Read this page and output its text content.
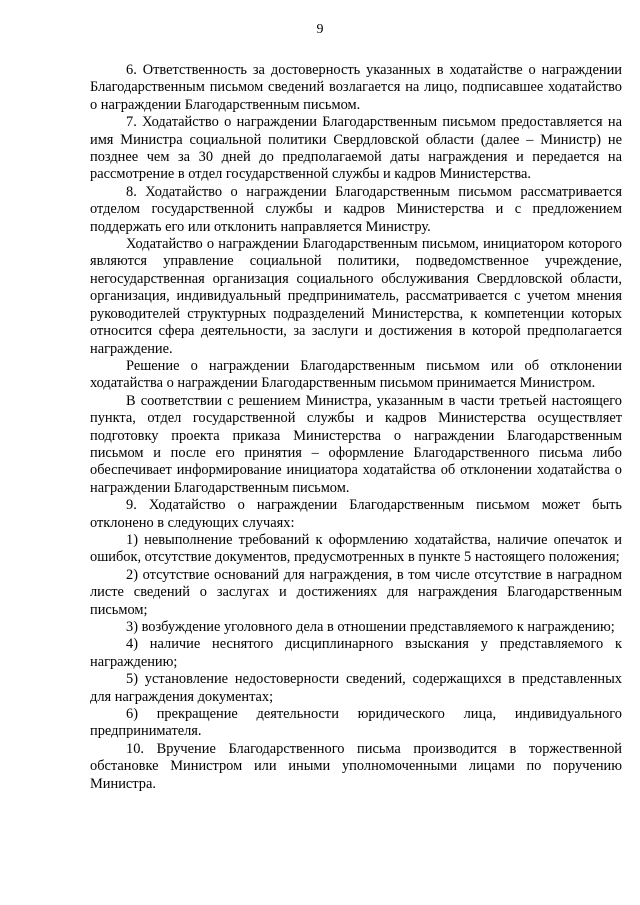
9

6. Ответственность за достоверность указанных в ходатайстве о награждении Благодарственным письмом сведений возлагается на лицо, подписавшее ходатайство о награждении Благодарственным письмом.

7. Ходатайство о награждении Благодарственным письмом предоставляется на имя Министра социальной политики Свердловской области (далее – Министр) не позднее чем за 30 дней до предполагаемой даты награждения и передается на рассмотрение в отдел государственной службы и кадров Министерства.

8. Ходатайство о награждении Благодарственным письмом рассматривается отделом государственной службы и кадров Министерства и с предложением поддержать его или отклонить направляется Министру.

Ходатайство о награждении Благодарственным письмом, инициатором которого являются управление социальной политики, подведомственное учреждение, негосударственная организация социального обслуживания Свердловской области, организация, индивидуальный предприниматель, рассматривается с учетом мнения руководителей структурных подразделений Министерства, к компетенции которых относится сфера деятельности, за заслуги и достижения в которой предполагается награждение.

Решение о награждении Благодарственным письмом или об отклонении ходатайства о награждении Благодарственным письмом принимается Министром.

В соответствии с решением Министра, указанным в части третьей настоящего пункта, отдел государственной службы и кадров Министерства осуществляет подготовку проекта приказа Министерства о награждении Благодарственным письмом и после его принятия – оформление Благодарственного письма либо обеспечивает информирование инициатора ходатайства об отклонении ходатайства о награждении Благодарственным письмом.

9. Ходатайство о награждении Благодарственным письмом может быть отклонено в следующих случаях:

1) невыполнение требований к оформлению ходатайства, наличие опечаток и ошибок, отсутствие документов, предусмотренных в пункте 5 настоящего положения;

2) отсутствие оснований для награждения, в том числе отсутствие в наградном листе сведений о заслугах и достижениях для награждения Благодарственным письмом;

3) возбуждение уголовного дела в отношении представляемого к награждению;

4) наличие неснятого дисциплинарного взыскания у представляемого к награждению;

5) установление недостоверности сведений, содержащихся в представленных для награждения документах;

6) прекращение деятельности юридического лица, индивидуального предпринимателя.

10. Вручение Благодарственного письма производится в торжественной обстановке Министром или иными уполномоченными лицами по поручению Министра.
